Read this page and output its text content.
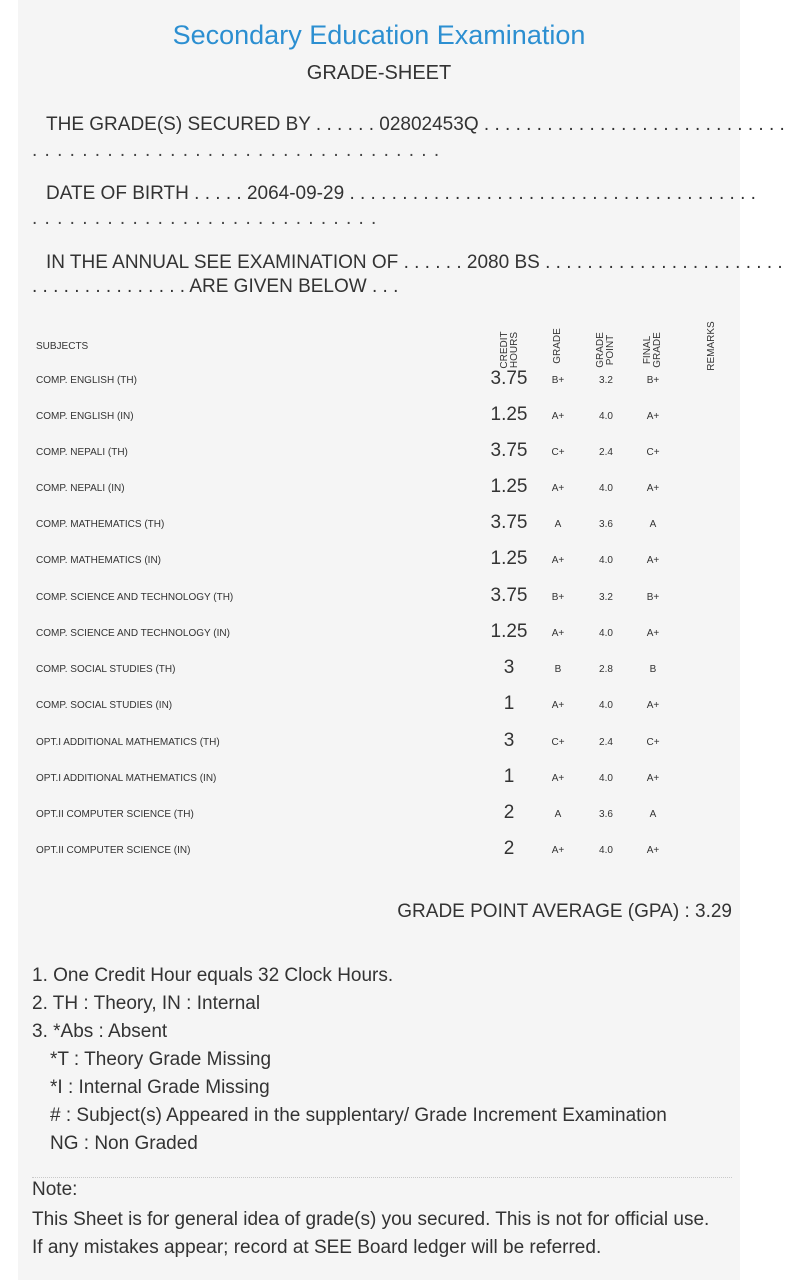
Secondary Education Examination
GRADE-SHEET
THE GRADE(S) SECURED BY . . . . . . 02802453Q . . . . . . . . . . . . . . . . . . . . . . . . . . . . .
. . . . . . . . . . . . . . . . . . . . . . . . . . . . . . . . .
DATE OF BIRTH . . . . . 2064-09-29 . . . . . . . . . . . . . . . . . . . . . . . . . . . . . . . . . . . . . . .
. . . . . . . . . . . . . . . . . . . . . . . . . . . .
IN THE ANNUAL SEE EXAMINATION OF . . . . . . 2080 BS . . . . . . . . . . . . . . . . . . . . . . .
. . . . . . . . . . . . . . . ARE GIVEN BELOW . . .
SUBJECTS	CREDIT HOURS	GRADE	GRADE POINT	FINAL GRADE	REMARKS
COMP. ENGLISH (TH)	3.75	B+	3.2	B+
COMP. ENGLISH (IN)	1.25	A+	4.0	A+
COMP. NEPALI (TH)	3.75	C+	2.4	C+
COMP. NEPALI (IN)	1.25	A+	4.0	A+
COMP. MATHEMATICS (TH)	3.75	A	3.6	A
COMP. MATHEMATICS (IN)	1.25	A+	4.0	A+
COMP. SCIENCE AND TECHNOLOGY (TH)	3.75	B+	3.2	B+
COMP. SCIENCE AND TECHNOLOGY (IN)	1.25	A+	4.0	A+
COMP. SOCIAL STUDIES (TH)	3	B	2.8	B
COMP. SOCIAL STUDIES (IN)	1	A+	4.0	A+
OPT.I ADDITIONAL MATHEMATICS (TH)	3	C+	2.4	C+
OPT.I ADDITIONAL MATHEMATICS (IN)	1	A+	4.0	A+
OPT.II COMPUTER SCIENCE (TH)	2	A	3.6	A
OPT.II COMPUTER SCIENCE (IN)	2	A+	4.0	A+
GRADE POINT AVERAGE (GPA) : 3.29
1. One Credit Hour equals 32 Clock Hours.
2. TH : Theory, IN : Internal
3. *Abs : Absent
*T : Theory Grade Missing
*I : Internal Grade Missing
# : Subject(s) Appeared in the supplentary/ Grade Increment Examination
NG : Non Graded
Note:
This Sheet is for general idea of grade(s) you secured. This is not for official use. If any mistakes appear; record at SEE Board ledger will be referred.
